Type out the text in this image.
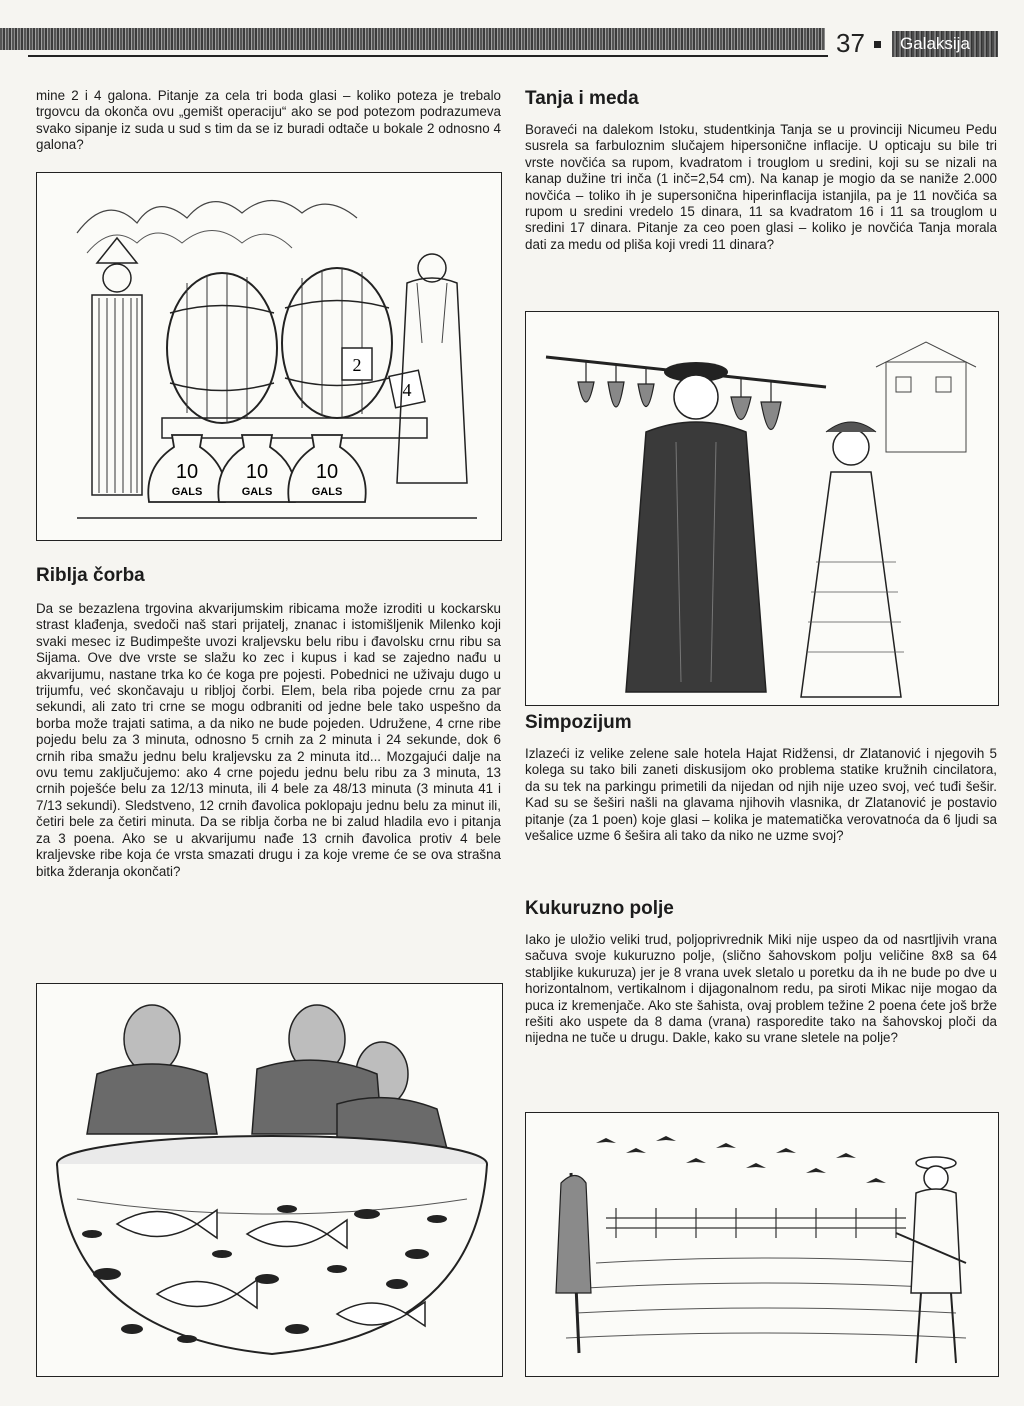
37	Galaksija

mine 2 i 4 galona. Pitanje za cela tri boda glasi – koliko poteza je trebalo trgovcu da okonča ovu „gemišt operaciju“ ako se pod potezom podrazumeva svako sipanje iz suda u sud s tim da se iz buradi odtače u bokale 2 odnosno 4 galona?

2
4
10
GALS
10
GALS
10
GALS
Riblja čorba

Da se bezazlena trgovina akvarijumskim ribicama može izroditi u kockarsku strast klađenja, svedoči naš stari prijatelj, znanac i istomišljenik Milenko koji svaki mesec iz Budimpešte uvozi kraljevsku belu ribu i đavolsku crnu ribu sa Sijama. Ove dve vrste se slažu ko zec i kupus i kad se zajedno nađu u akvarijumu, nastane trka ko će koga pre pojesti. Pobednici ne uživaju dugo u trijumfu, već skončavaju u ribljoj čorbi. Elem, bela riba pojede crnu za par sekundi, ali zato tri crne se mogu odbraniti od jedne bele tako uspešno da borba može trajati satima, a da niko ne bude pojeden. Udružene, 4 crne ribe pojedu belu za 3 minuta, odnosno 5 crnih za 2 minuta i 24 sekunde, dok 6 crnih riba smažu jednu belu kraljevsku za 2 minuta itd... Mozgajući dalje na ovu temu zaključujemo: ako 4 crne pojedu jednu belu ribu za 3 minuta, 13 crnih poješće belu za 12/13 minuta, ili 4 bele za 48/13 minuta (3 minuta 41 i 7/13 sekundi). Sledstveno, 12 crnih đavolica poklopaju jednu belu za minut ili, četiri bele za četiri minuta. Da se riblja čorba ne bi zalud hladila evo i pitanja za 3 poena. Ako se u akvarijumu nađe 13 crnih đavolica protiv 4 bele kraljevske ribe koja će vrsta smazati drugu i za koje vreme će se ova strašna bitka žderanja okončati?

Tanja i meda

Boraveći na dalekom Istoku, studentkinja Tanja se u provinciji Nicumeu Pedu susrela sa farbuloznim slučajem hipersonične inflacije. U opticaju su bile tri vrste novčića sa rupom, kvadratom i trouglom u sredini, koji su se nizali na kanap dužine tri inča (1 inč=2,54 cm). Na kanap je mogio da se naniže 2.000 novčića – toliko ih je supersonična hiperinflacija istanjila, pa je 11 novčića sa rupom u sredini vredelo 15 dinara, 11 sa kvadratom 16 i 11 sa trouglom u sredini 17 dinara. Pitanje za ceo poen glasi – koliko je novčića Tanja morala dati za medu od pliša koji vredi 11 dinara?

Simpozijum

Izlazeći iz velike zelene sale hotela Hajat Ridžensi, dr Zlatanović i njegovih 5 kolega su tako bili zaneti diskusijom oko problema statike kružnih cincilatora, da su tek na parkingu primetili da nijedan od njih nije uzeo svoj, već tuđi šešir. Kad su se šeširi našli na glavama njihovih vlasnika, dr Zlatanović je postavio pitanje (za 1 poen) koje glasi – kolika je matematička verovatnoća da 6 ljudi sa vešalice uzme 6 šešira ali tako da niko ne uzme svoj?

Kukuruzno polje

Iako je uložio veliki trud, poljoprivrednik Miki nije uspeo da od nasrtljivih vrana sačuva svoje kukuruzno polje, (slično šahovskom polju veličine 8x8 sa 64 stabljike kukuruza) jer je 8 vrana uvek sletalo u poretku da ih ne bude po dve u horizontalnom, vertikalnom i dijagonalnom redu, pa siroti Mikac nije mogao da puca iz kremenjače. Ako ste šahista, ovaj problem težine 2 poena ćete još brže rešiti ako uspete da 8 dama (vrana) rasporedite tako na šahovskoj ploči da nijedna ne tuče u drugu. Dakle, kako su vrane sletele na polje?
